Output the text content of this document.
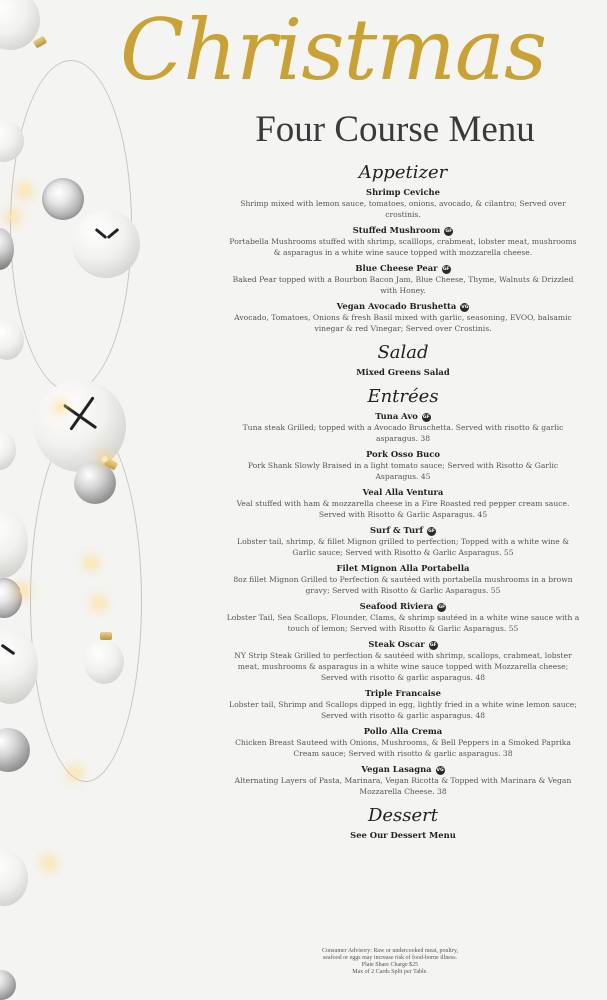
Christmas
Four Course Menu
Appetizer
Shrimp Ceviche
Shrimp mixed with lemon sauce, tomatoes, onions, avocado, & cilantro; Served over crostinis.
Stuffed Mushroom GF
Portabella Mushrooms stuffed with shrimp, scalllops, crabmeat, lobster meat, mushrooms & asparagus in a white wine sauce topped with mozzarella cheese.
Blue Cheese Pear GF
Baked Pear topped with a Bourbon Bacon Jam, Blue Cheese, Thyme, Walnuts & Drizzled with Honey.
Vegan Avocado Brushetta VG
Avocado, Tomatoes, Onions & fresh Basil mixed with garlic, seasoning, EVOO, balsamic vinegar & red Vinegar; Served over Crostinis.
Salad
Mixed Greens Salad
Entrées
Tuna Avo GF
Tuna steak Grilled; topped with a Avocado Bruschetta. Served with risotto & garlic asparagus. 38
Pork Osso Buco
Pork Shank Slowly Braised in a light tomato sauce; Served with Risotto & Garlic Asparagus. 45
Veal Alla Ventura
Veal stuffed with ham & mozzarella cheese in a Fire Roasted red pepper cream sauce. Served with Risotto & Garlic Asparagus. 45
Surf & Turf GF
Lobster tail, shrimp, & fillet Mignon grilled to perfection; Topped with a white wine & Garlic sauce; Served with Risotto & Garlic Asparagus. 55
Filet Mignon Alla Portabella
8oz fillet Mignon Grilled to Perfection & sautéed with portabella mushrooms in a brown gravy; Served with Risotto & Garlic Asparagus. 55
Seafood Riviera GF
Lobster Tail, Sea Scallops, Flounder, Clams, & shrimp sautéed in a white wine sauce with a touch of lemon; Served with Risotto & Garlic Asparagus. 55
Steak Oscar GF
NY Strip Steak Grilled to perfection & sautéed with shrimp, scallops, crabmeat, lobster meat, mushrooms & asparagus in a white wine sauce topped with Mozzarella cheese; Served with risotto & garlic asparagus. 48
Triple Francaise
Lobster tail, Shrimp and Scallops dipped in egg, lightly fried in a white wine lemon sauce; Served with risotto & garlic asparagus. 48
Pollo Alla Crema
Chicken Breast Sauteed with Onions, Mushrooms, & Bell Peppers in a Smoked Paprika Cream sauce; Served with risotto & garlic asparagus. 38
Vegan Lasagna VG
Alternating Layers of Pasta, Marinara, Vegan Ricotta & Topped with Marinara & Vegan Mozzarella Cheese. 38
Dessert
See Our Dessert Menu
Consumer Advisory: Raw or undercooked meat, poultry,
seafood or eggs may increase risk of food-borne illness.
Plate Share Charge $25
Max of 2 Cards Split per Table.
